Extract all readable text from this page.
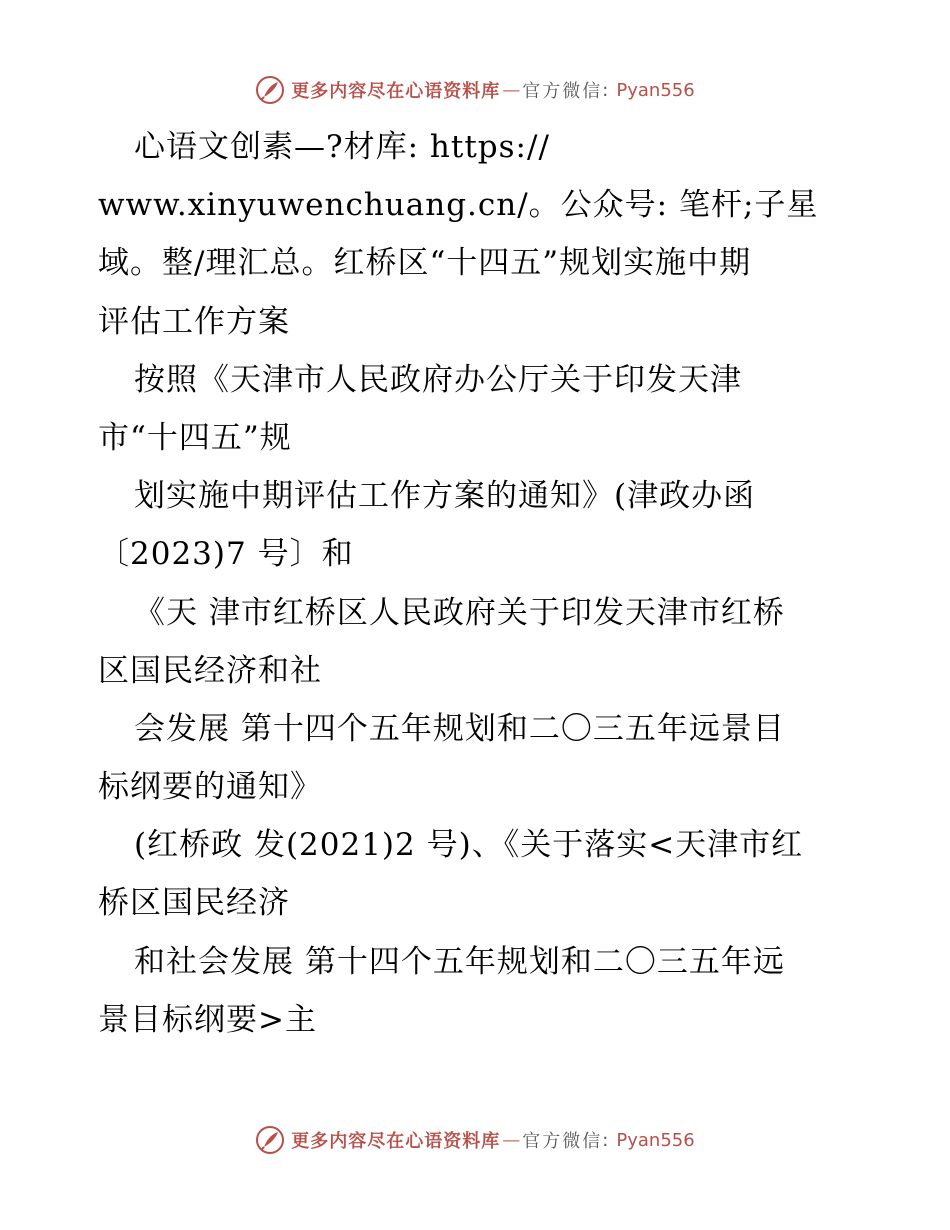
更多内容尽在心语资料库 — 官方微信 : Pyan556
心语文创素—?材库: https://
www.xinyuwenchuang.cn/。公众号: 笔杆;子星
域。整/理汇总。红桥区“十四五”规划实施中期
评估工作方案
按照《天津市人民政府办公厅关于印发天津
市“十四五”规
划实施中期评估工作方案的通知》(津政办函
〔2023)7 号〕和
《天 津市红桥区人民政府关于印发天津市红桥
区国民经济和社
会发展 第十四个五年规划和二〇三五年远景目
标纲要的通知》
(红桥政 发(2021)2 号)、《关于落实<天津市红
桥区国民经济
和社会发展 第十四个五年规划和二〇三五年远
景目标纲要>主
更多内容尽在心语资料库 — 官方微信 : Pyan556
